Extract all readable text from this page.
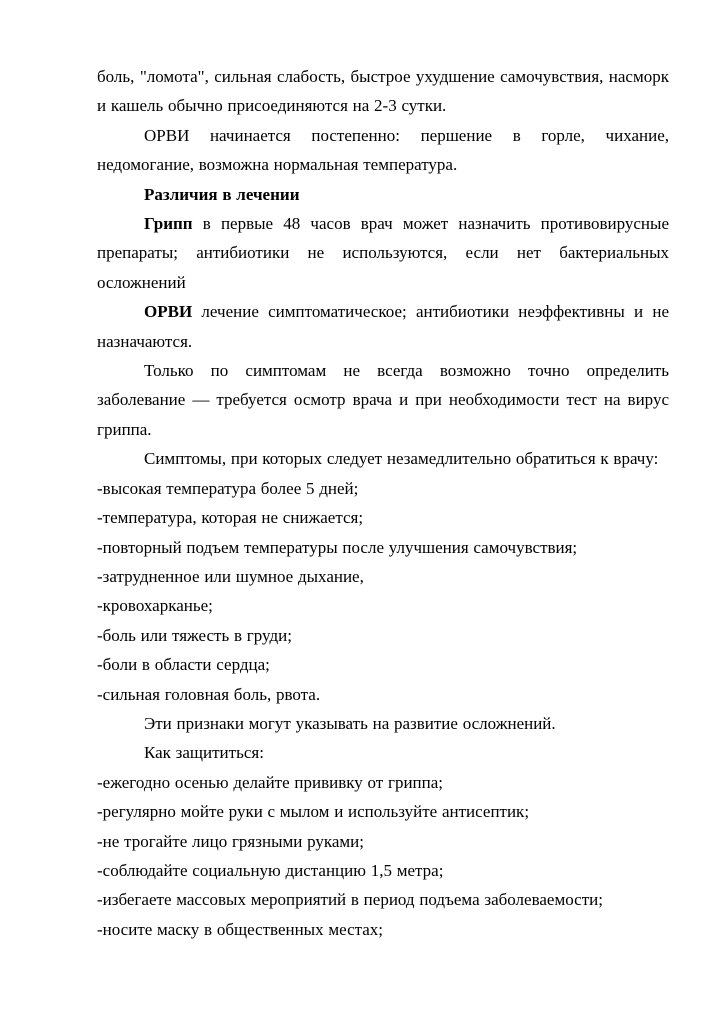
боль, "ломота", сильная слабость, быстрое ухудшение самочувствия, насморк и кашель обычно присоединяются на 2-3 сутки.

ОРВИ начинается постепенно: першение в горле, чихание, недомогание, возможна нормальная температура.

Различия в лечении

Грипп в первые 48 часов врач может назначить противовирусные препараты; антибиотики не используются, если нет бактериальных осложнений

ОРВИ лечение симптоматическое; антибиотики неэффективны и не назначаются.

Только по симптомам не всегда возможно точно определить заболевание — требуется осмотр врача и при необходимости тест на вирус гриппа.

Симптомы, при которых следует незамедлительно обратиться к врачу:

-высокая температура более 5 дней;

-температура, которая не снижается;

-повторный подъем температуры после улучшения самочувствия;

-затрудненное или шумное дыхание,

-кровохарканье;

-боль или тяжесть в груди;

-боли в области сердца;

-сильная головная боль, рвота.

Эти признаки могут указывать на развитие осложнений.

Как защититься:

-ежегодно осенью делайте прививку от гриппа;

-регулярно мойте руки с мылом и используйте антисептик;

-не трогайте лицо грязными руками;

-соблюдайте социальную дистанцию 1,5 метра;

-избегаете массовых мероприятий в период подъема заболеваемости;

-носите маску в общественных местах;
